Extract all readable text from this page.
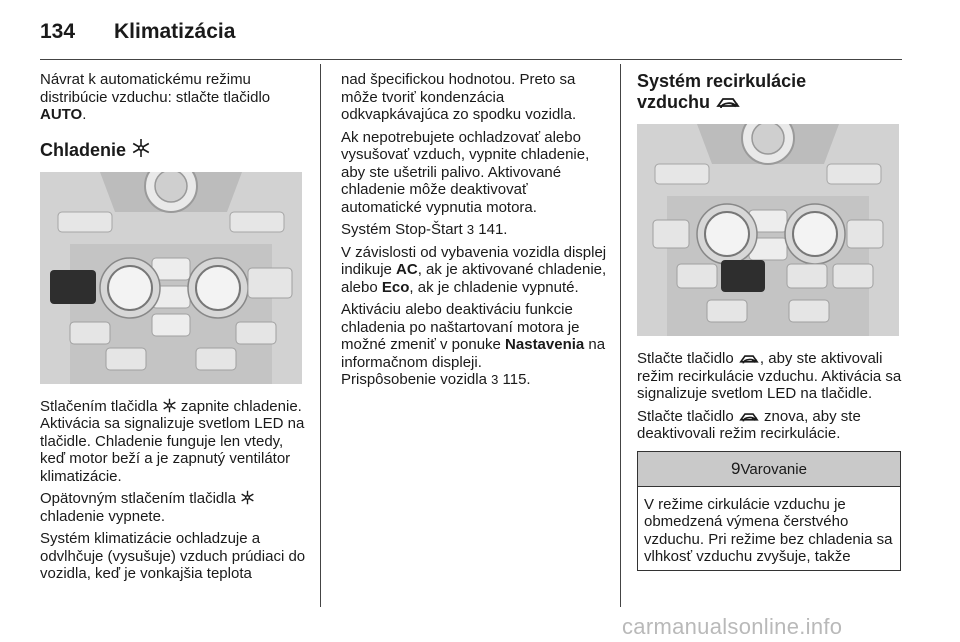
134 Klimatizácia

Návrat k automatickému režimu distribúcie vzduchu: stlačte tlačidlo AUTO.

Chladenie

Stlačením tlačidla  zapnite chladenie. Aktivácia sa signalizuje svetlom LED na tlačidle. Chladenie funguje len vtedy, keď motor beží a je zapnutý ventilátor klimatizácie.

Opätovným stlačením tlačidla  chladenie vypnete.

Systém klimatizácie ochladzuje a odvlhčuje (vysušuje) vzduch prúdiaci do vozidla, keď je vonkajšia teplota

nad špecifickou hodnotou. Preto sa môže tvoriť kondenzácia odkvapkávajúca zo spodku vozidla.

Ak nepotrebujete ochladzovať alebo vysušovať vzduch, vypnite chladenie, aby ste ušetrili palivo. Aktivované chladenie môže deaktivovať automatické vypnutia motora.

Systém Stop-Štart 3 141.

V závislosti od vybavenia vozidla displej indikuje AC, ak je aktivované chladenie, alebo Eco, ak je chladenie vypnuté.

Aktiváciu alebo deaktiváciu funkcie chladenia po naštartovaní motora je možné zmeniť v ponuke Nastavenia na informačnom displeji.

Prispôsobenie vozidla 3 115.

Systém recirkulácie
vzduchu

Stlačte tlačidlo , aby ste aktivovali režim recirkulácie vzduchu. Aktivácia sa signalizuje svetlom LED na tlačidle.

Stlačte tlačidlo  znova, aby ste deaktivovali režim recirkulácie.

9Varovanie
V režime cirkulácie vzduchu je obmedzená výmena čerstvého vzduchu. Pri režime bez chladenia sa vlhkosť vzduchu zvyšuje, takže
carmanualsonline.info
